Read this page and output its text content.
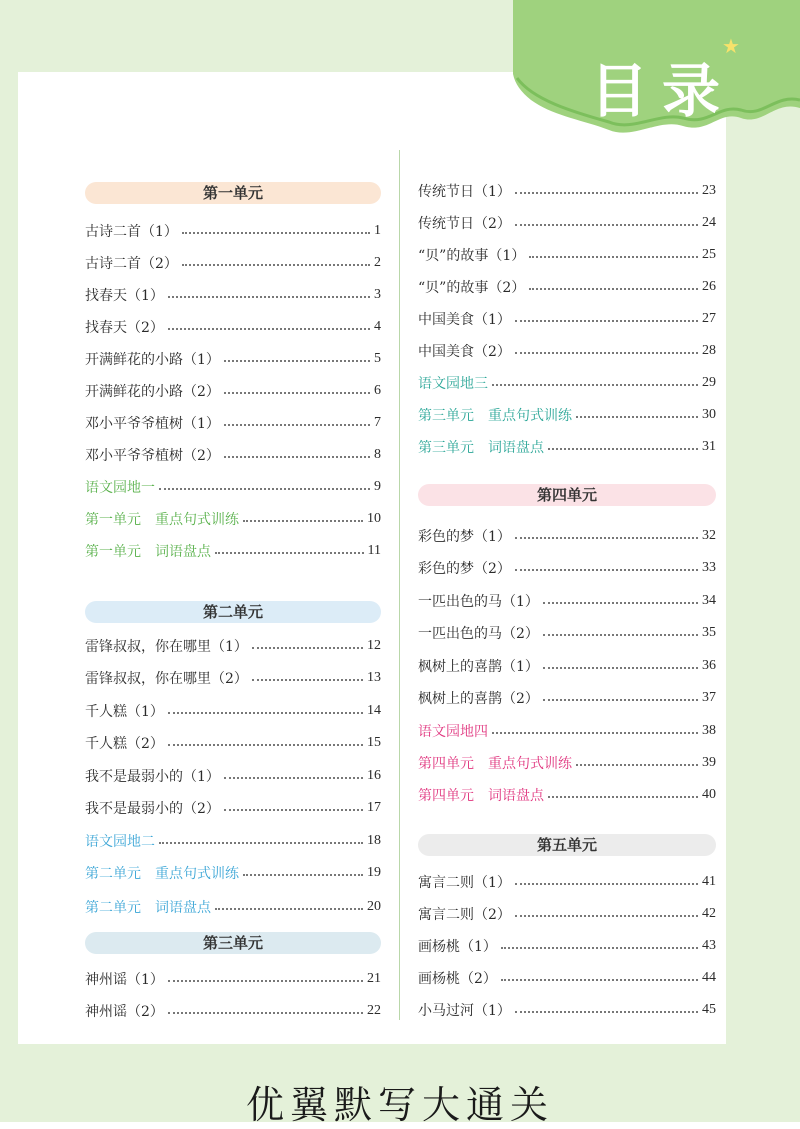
目录
★
第一单元
古诗二首（1）	1
古诗二首（2）	2
找春天（1）	3
找春天（2）	4
开满鲜花的小路（1）	5
开满鲜花的小路（2）	6
邓小平爷爷植树（1）	7
邓小平爷爷植树（2）	8
语文园地一	9
第一单元　重点句式训练	10
第一单元　词语盘点	11
第二单元
雷锋叔叔，你在哪里（1）	12
雷锋叔叔，你在哪里（2）	13
千人糕（1）	14
千人糕（2）	15
我不是最弱小的（1）	16
我不是最弱小的（2）	17
语文园地二	18
第二单元　重点句式训练	19
第二单元　词语盘点	20
第三单元
神州谣（1）	21
神州谣（2）	22
传统节日（1）	23
传统节日（2）	24
“贝”的故事（1）	25
“贝”的故事（2）	26
中国美食（1）	27
中国美食（2）	28
语文园地三	29
第三单元　重点句式训练	30
第三单元　词语盘点	31
第四单元
彩色的梦（1）	32
彩色的梦（2）	33
一匹出色的马（1）	34
一匹出色的马（2）	35
枫树上的喜鹊（1）	36
枫树上的喜鹊（2）	37
语文园地四	38
第四单元　重点句式训练	39
第四单元　词语盘点	40
第五单元
寓言二则（1）	41
寓言二则（2）	42
画杨桃（1）	43
画杨桃（2）	44
小马过河（1）	45
优翼默写大通关
